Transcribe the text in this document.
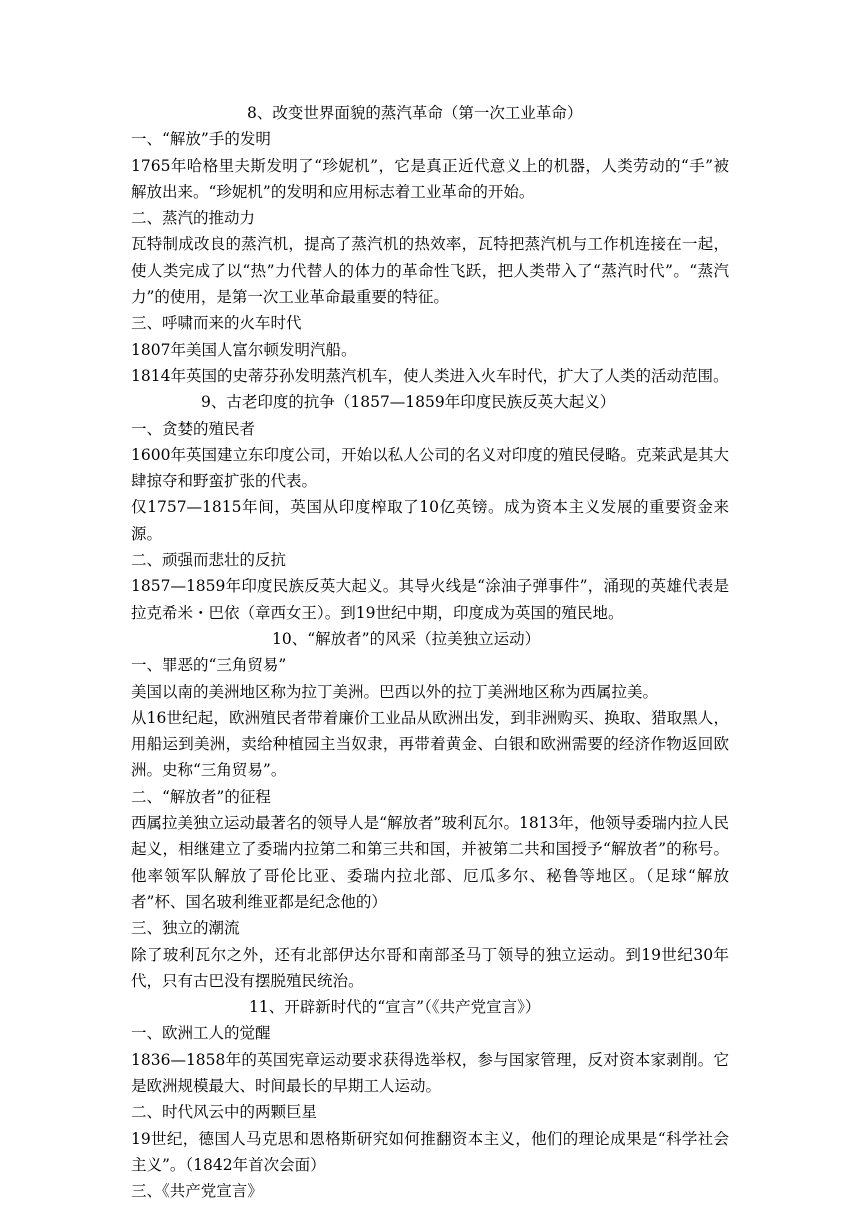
8、改变世界面貌的蒸汽革命（第一次工业革命）
一、“解放”手的发明

1765年哈格里夫斯发明了“珍妮机”，它是真正近代意义上的机器，人类劳动的“手”被解放出来。“珍妮机”的发明和应用标志着工业革命的开始。

二、蒸汽的推动力

瓦特制成改良的蒸汽机，提高了蒸汽机的热效率，瓦特把蒸汽机与工作机连接在一起，使人类完成了以“热”力代替人的体力的革命性飞跃，把人类带入了“蒸汽时代”。“蒸汽力”的使用，是第一次工业革命最重要的特征。

三、呼啸而来的火车时代

1807年美国人富尔顿发明汽船。

1814年英国的史蒂芬孙发明蒸汽机车，使人类进入火车时代，扩大了人类的活动范围。

9、古老印度的抗争（1857—1859年印度民族反英大起义）
一、贪婪的殖民者

1600年英国建立东印度公司，开始以私人公司的名义对印度的殖民侵略。克莱武是其大肆掠夺和野蛮扩张的代表。

仅1757—1815年间，英国从印度榨取了10亿英镑。成为资本主义发展的重要资金来源。

二、顽强而悲壮的反抗

1857—1859年印度民族反英大起义。其导火线是“涂油子弹事件”，涌现的英雄代表是拉克希米・巴依（章西女王）。到19世纪中期，印度成为英国的殖民地。

10、“解放者”的风采（拉美独立运动）
一、罪恶的“三角贸易”

美国以南的美洲地区称为拉丁美洲。巴西以外的拉丁美洲地区称为西属拉美。

从16世纪起，欧洲殖民者带着廉价工业品从欧洲出发，到非洲购买、换取、猎取黑人，用船运到美洲，卖给种植园主当奴隶，再带着黄金、白银和欧洲需要的经济作物返回欧洲。史称“三角贸易”。

二、“解放者”的征程

西属拉美独立运动最著名的领导人是“解放者”玻利瓦尔。1813年，他领导委瑞内拉人民起义，相继建立了委瑞内拉第二和第三共和国，并被第二共和国授予“解放者”的称号。他率领军队解放了哥伦比亚、委瑞内拉北部、厄瓜多尔、秘鲁等地区。（足球“解放者”杯、国名玻利维亚都是纪念他的）

三、独立的潮流

除了玻利瓦尔之外，还有北部伊达尔哥和南部圣马丁领导的独立运动。到19世纪30年代，只有古巴没有摆脱殖民统治。

11、开辟新时代的“宣言”（《共产党宣言》）
一、欧洲工人的觉醒

1836—1858年的英国宪章运动要求获得选举权，参与国家管理，反对资本家剥削。它是欧洲规模最大、时间最长的早期工人运动。

二、时代风云中的两颗巨星

19世纪，德国人马克思和恩格斯研究如何推翻资本主义，他们的理论成果是“科学社会主义”。（1842年首次会面）

三、《共产党宣言》
